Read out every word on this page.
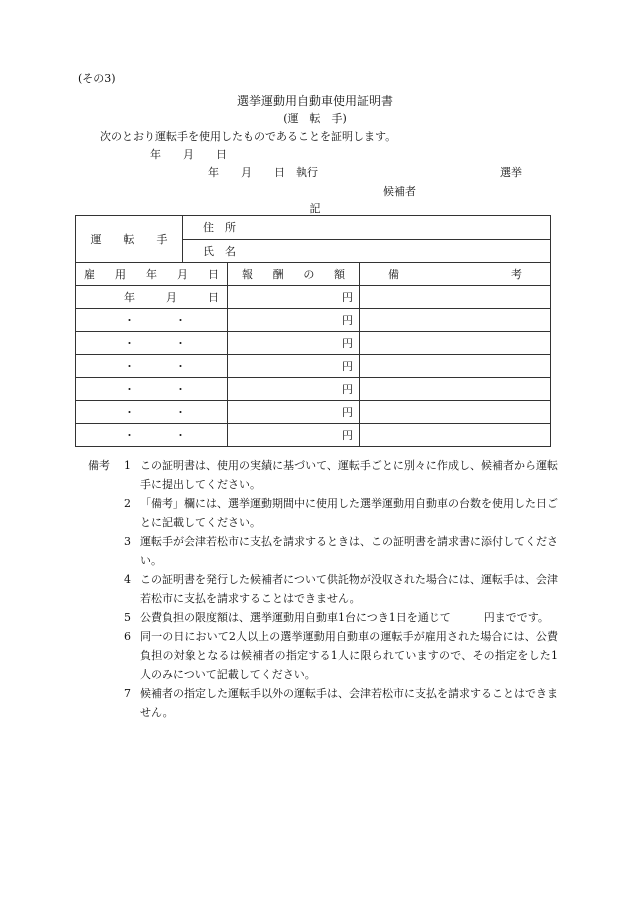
(その3)
選挙運動用自動車使用証明書
(運　転　手)
次のとおり運転手を使用したものであることを証明します。
年　　月　　日
年　　月　　日　執行	選挙
候補者
記
運　　転　　手	住　所		
	氏　名		

雇 用 年 月 日		報 酬 の 額	備 考

年 月 日		円	

・ ・		円	

・ ・		円	

・ ・		円	

・ ・		円	

・ ・		円	

・ ・		円	
備考	1 この証明書は、使用の実績に基づいて、運転手ごとに別々に作成し、候補者から運転手に提出してください。
2 「備考」欄には、選挙運動期間中に使用した選挙運動用自動車の台数を使用した日ごとに記載してください。
3 運転手が会津若松市に支払を請求するときは、この証明書を請求書に添付してください。
4 この証明書を発行した候補者について供託物が没収された場合には、運転手は、会津若松市に支払を請求することはできません。
5 公費負担の限度額は、選挙運動用自動車1台につき1日を通じて　　　円までです。
6 同一の日において2人以上の選挙運動用自動車の運転手が雇用された場合には、公費負担の対象となるは候補者の指定する1人に限られていますので、その指定をした1人のみについて記載してください。
7 候補者の指定した運転手以外の運転手は、会津若松市に支払を請求することはできません。
